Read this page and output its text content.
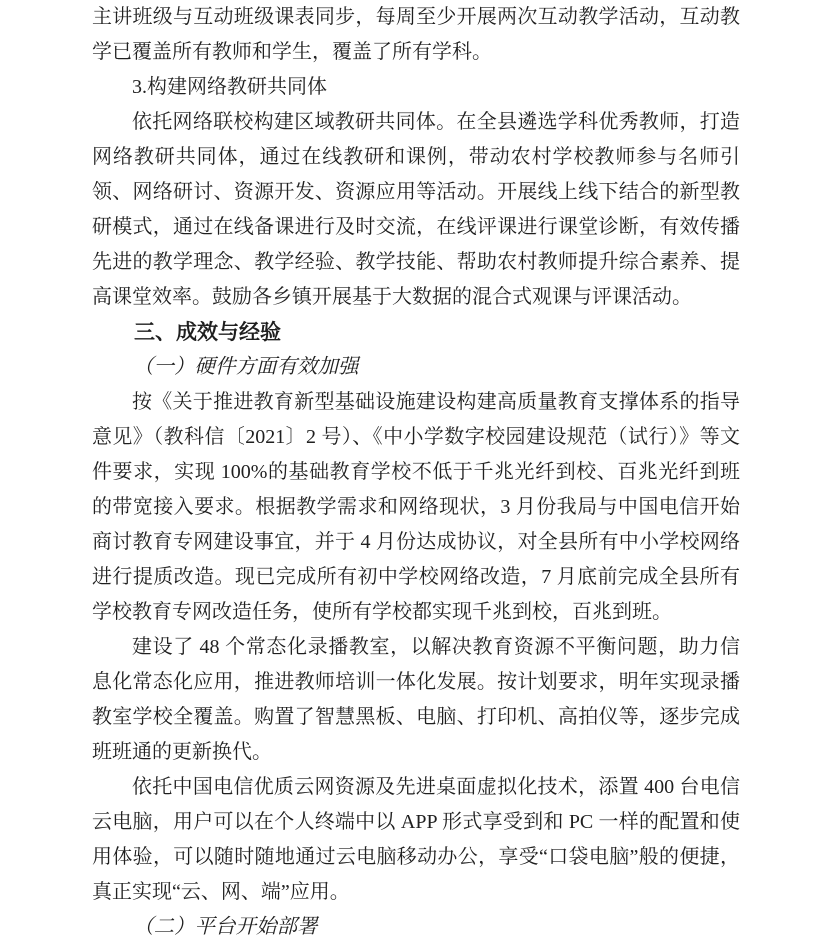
主讲班级与互动班级课表同步，每周至少开展两次互动教学活动，互动教学已覆盖所有教师和学生，覆盖了所有学科。

3.构建网络教研共同体

依托网络联校构建区域教研共同体。在全县遴选学科优秀教师，打造网络教研共同体，通过在线教研和课例，带动农村学校教师参与名师引领、网络研讨、资源开发、资源应用等活动。开展线上线下结合的新型教研模式，通过在线备课进行及时交流，在线评课进行课堂诊断，有效传播先进的教学理念、教学经验、教学技能、帮助农村教师提升综合素养、提高课堂效率。鼓励各乡镇开展基于大数据的混合式观课与评课活动。

三、成效与经验

（一）硬件方面有效加强

按《关于推进教育新型基础设施建设构建高质量教育支撑体系的指导意见》（教科信〔2021〕2 号）、《中小学数字校园建设规范（试行）》等文件要求，实现 100%的基础教育学校不低于千兆光纤到校、百兆光纤到班的带宽接入要求。根据教学需求和网络现状，3 月份我局与中国电信开始商讨教育专网建设事宜，并于 4 月份达成协议，对全县所有中小学校网络进行提质改造。现已完成所有初中学校网络改造，7 月底前完成全县所有学校教育专网改造任务，使所有学校都实现千兆到校，百兆到班。

建设了 48 个常态化录播教室，以解决教育资源不平衡问题，助力信息化常态化应用，推进教师培训一体化发展。按计划要求，明年实现录播教室学校全覆盖。购置了智慧黑板、电脑、打印机、高拍仪等，逐步完成班班通的更新换代。

依托中国电信优质云网资源及先进桌面虚拟化技术，添置 400 台电信云电脑，用户可以在个人终端中以 APP 形式享受到和 PC 一样的配置和使用体验，可以随时随地通过云电脑移动办公，享受“口袋电脑”般的便捷，真正实现“云、网、端”应用。

（二）平台开始部署
